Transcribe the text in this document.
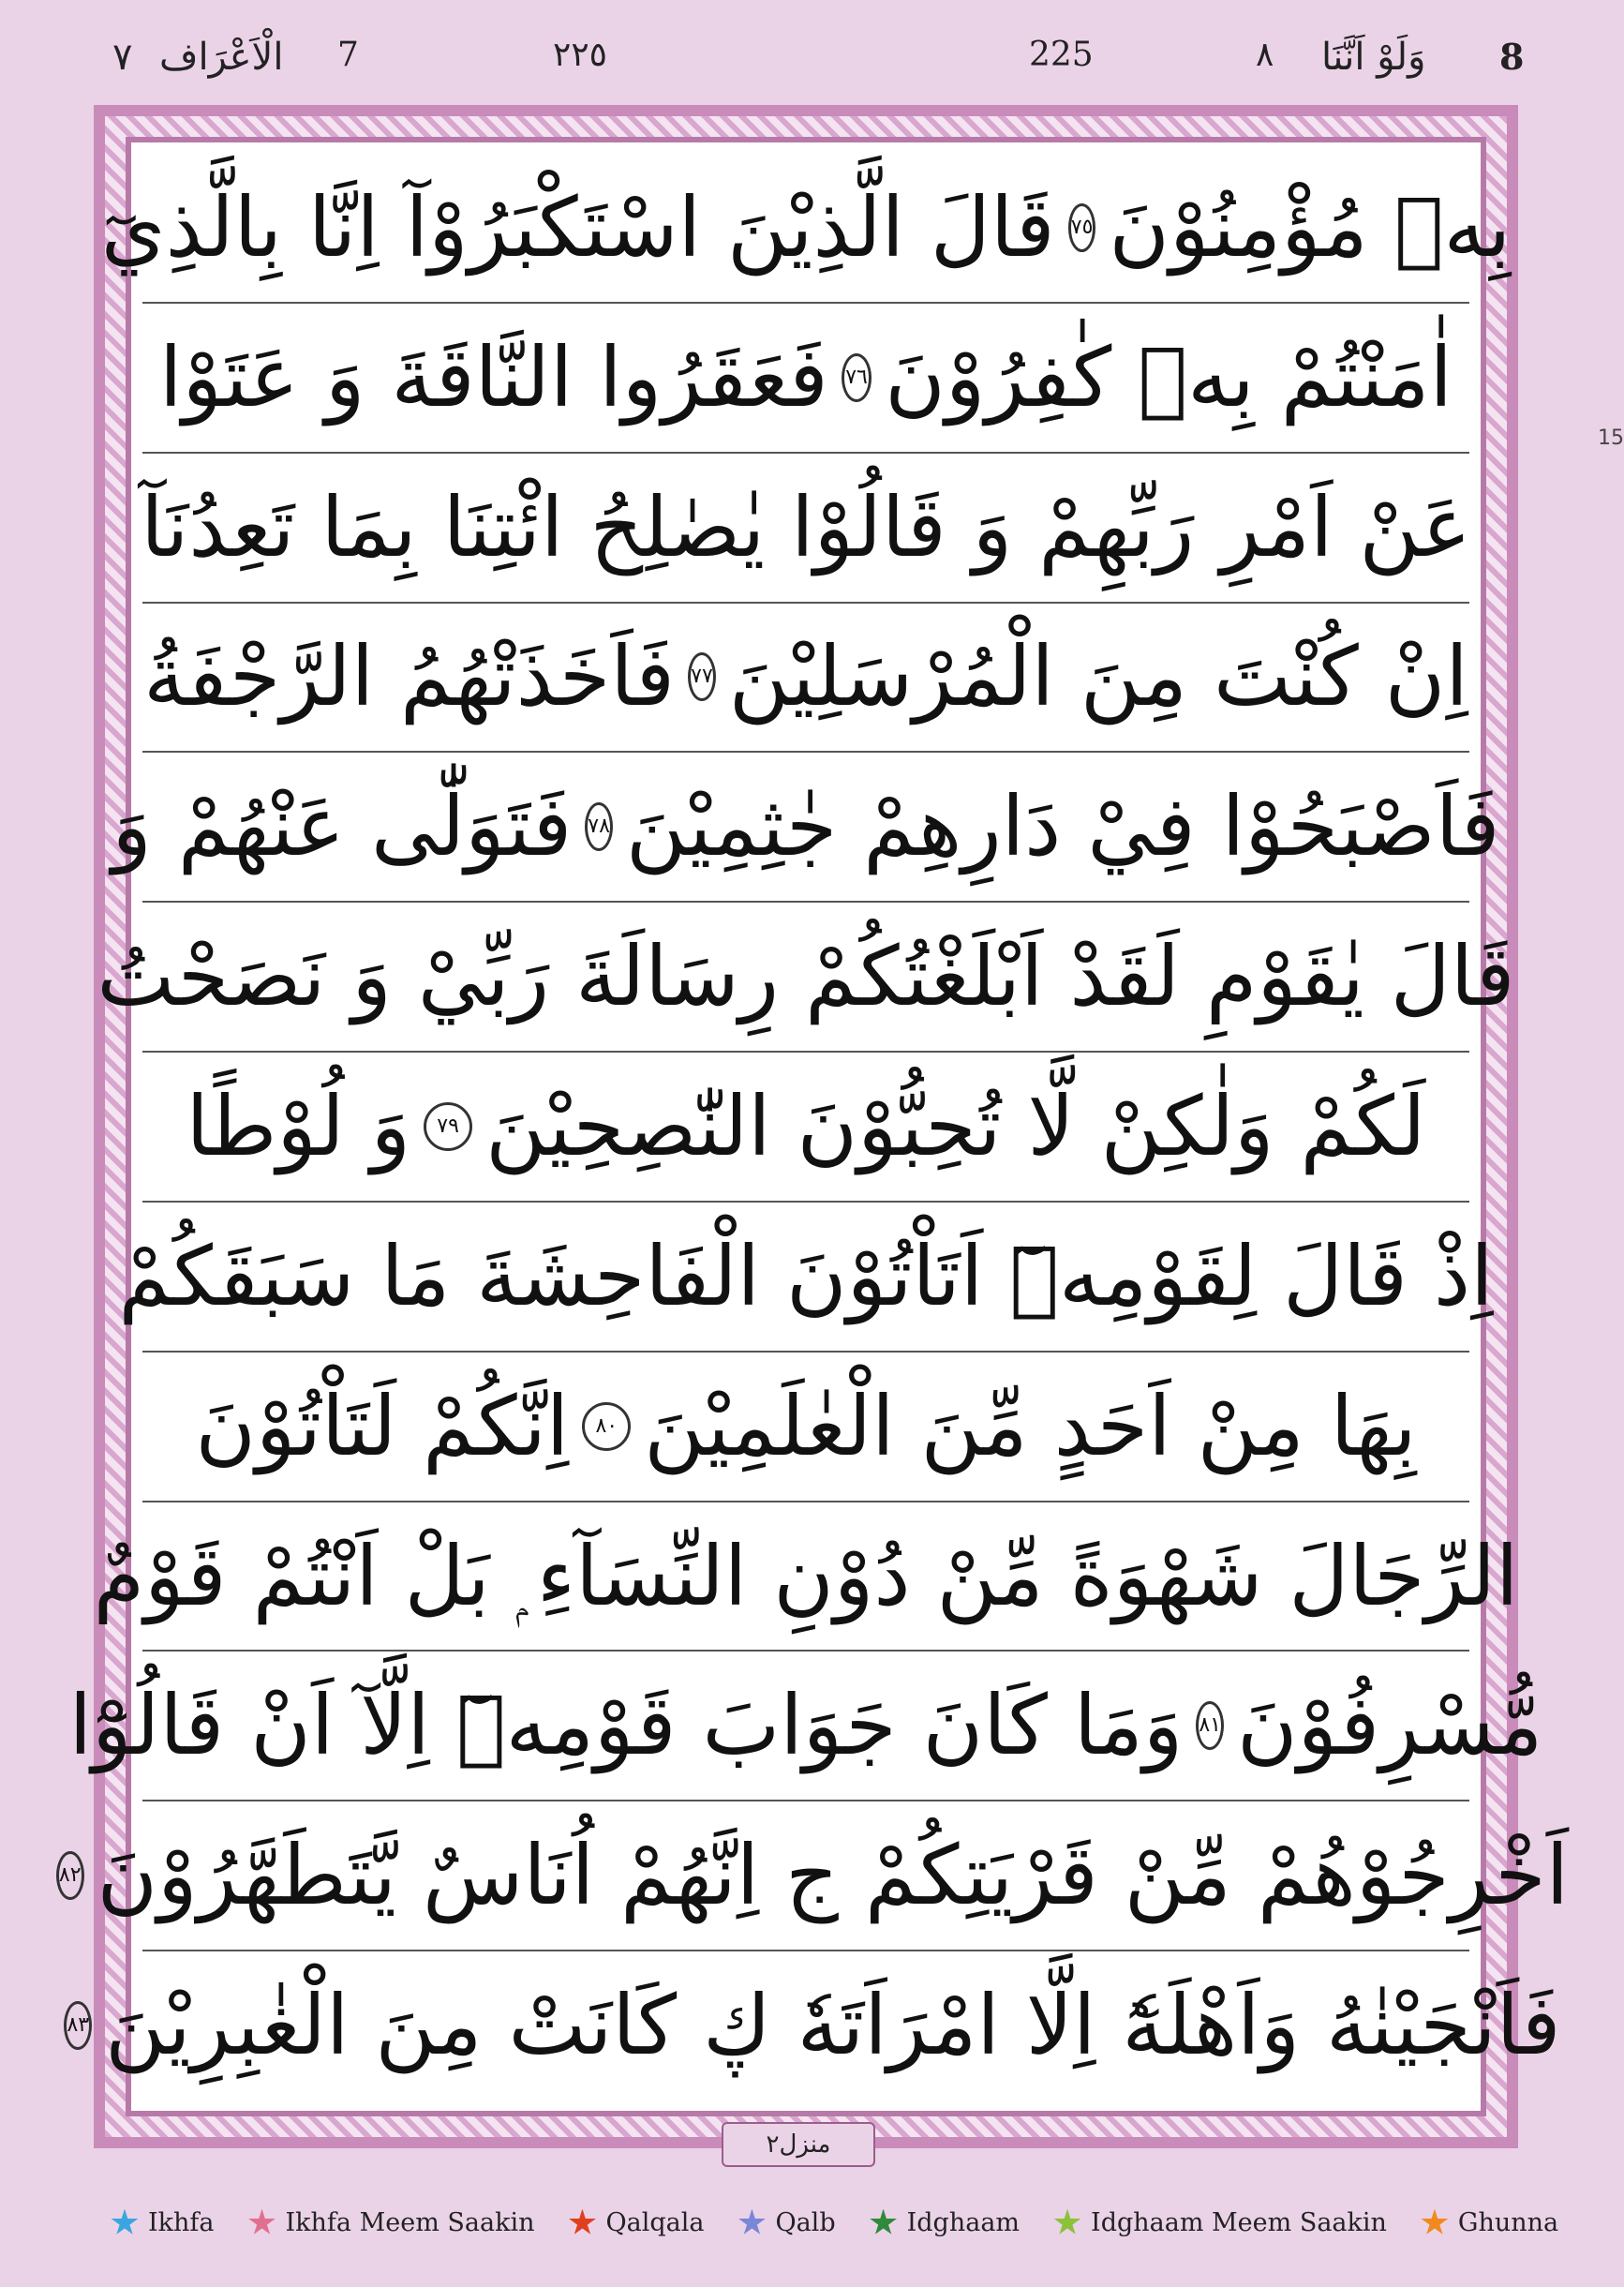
٧ الْاَعْرَاف 7	٢٢٥	225	٨ وَلَوْ اَنَّنَا 8
15
بِهٖ مُؤْمِنُوْنَ
٧٥
قَالَ الَّذِيْنَ اسْتَكْبَرُوْآ اِنَّا بِالَّذِيٓ
اٰمَنْتُمْ بِهٖ كٰفِرُوْنَ
٧٦
فَعَقَرُوا النَّاقَةَ وَ عَتَوْا
عَنْ اَمْرِ رَبِّهِمْ وَ قَالُوْا يٰصٰلِحُ ائْتِنَا بِمَا تَعِدُنَآ
اِنْ كُنْتَ مِنَ الْمُرْسَلِيْنَ
٧٧
فَاَخَذَتْهُمُ الرَّجْفَةُ
فَاَصْبَحُوْا فِيْ دَارِهِمْ جٰثِمِيْنَ
٧٨
فَتَوَلّٰى عَنْهُمْ وَ
قَالَ يٰقَوْمِ لَقَدْ اَبْلَغْتُكُمْ رِسَالَةَ رَبِّيْ وَ نَصَحْتُ
لَكُمْ وَلٰكِنْ لَّا تُحِبُّوْنَ النّٰصِحِيْنَ
٧٩
وَ لُوْطًا
اِذْ قَالَ لِقَوْمِهٖٓ اَتَاْتُوْنَ الْفَاحِشَةَ مَا سَبَقَكُمْ
بِهَا مِنْ اَحَدٍ مِّنَ الْعٰلَمِيْنَ
٨٠
اِنَّكُمْ لَتَاْتُوْنَ
الرِّجَالَ شَهْوَةً مِّنْ دُوْنِ النِّسَآءِ ۭ بَلْ اَنْتُمْ قَوْمٌ
مُّسْرِفُوْنَ
٨١
وَمَا كَانَ جَوَابَ قَوْمِهٖٓ اِلَّآ اَنْ قَالُوْٓا
اَخْرِجُوْهُمْ مِّنْ قَرْيَتِكُمْ ج اِنَّهُمْ اُنَاسٌ يَّتَطَهَّرُوْنَ
٨٢
فَاَنْجَيْنٰهُ وَاَهْلَهٗٓ اِلَّا امْرَاَتَهٗ ڮ كَانَتْ مِنَ الْغٰبِرِيْنَ
٨٣
منزل٢
Ikhfa	Ikhfa Meem Saakin	Qalqala	Qalb	Idghaam	Idghaam Meem Saakin	Ghunna
